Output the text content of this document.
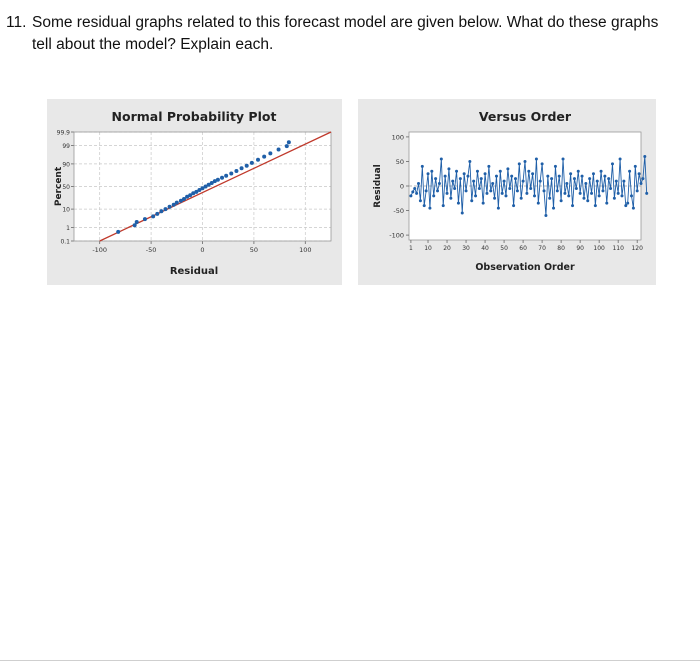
11. Some residual graphs related to this forecast model are given below. What do these graphs
tell about the model? Explain each.
Normal Probability Plot
0.1
1
10
50
90
99
99.9
-100	-50	0	50	100
Residual
Percent
Versus Order
-100
-50
0
50
100
1 10 20 30 40 50 60 70 80 90 100 110 120
Observation Order
Residual
